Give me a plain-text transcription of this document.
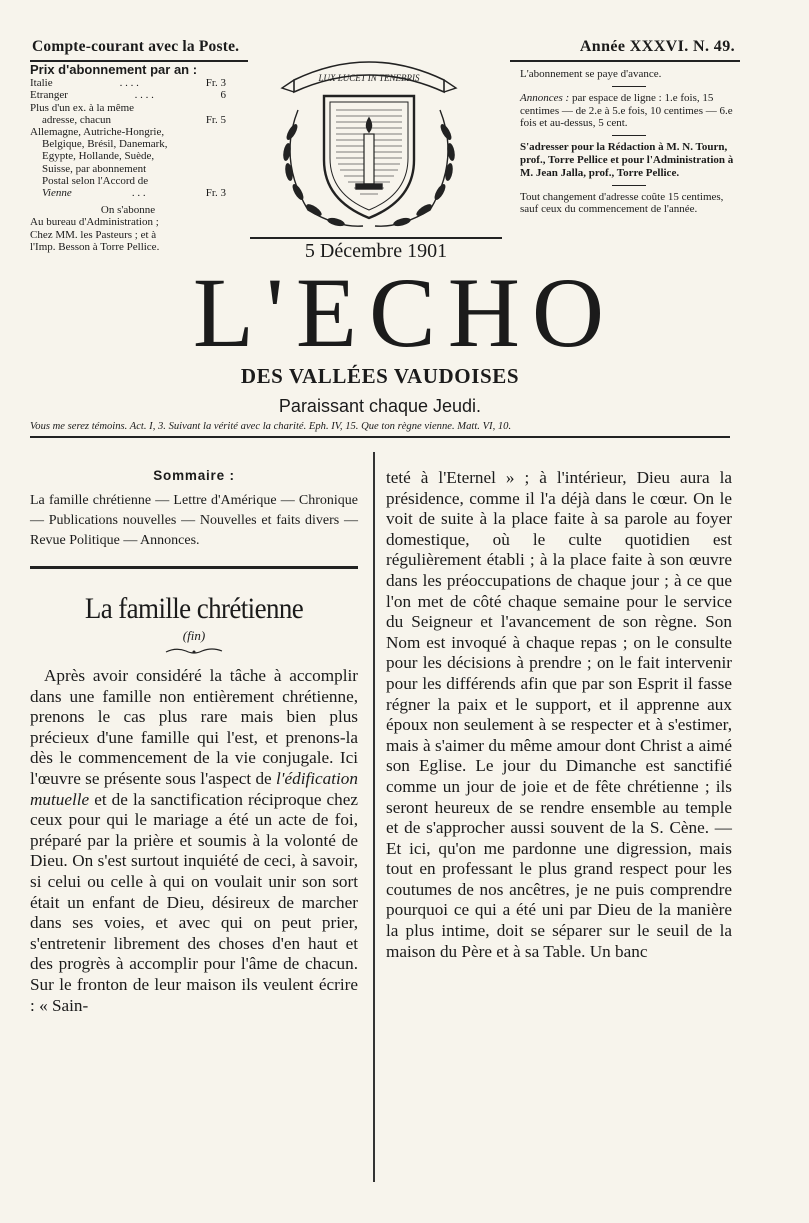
Compte-courant avec la Poste.	Année XXXVI. N. 49.
Prix d'abonnement par an :
Italie	. . . .	Fr. 3
Etranger	. . . .	6
Plus d'un ex. à la même
adresse, chacun	Fr. 5
Allemagne, Autriche-Hongrie,
Belgique, Brésil, Danemark,
Egypte, Hollande, Suède,
Suisse, par abonnement
Postal selon l'Accord de
Vienne	. . .	Fr. 3
On s'abonne
Au bureau d'Administration ;
Chez MM. les Pasteurs ; et à
l'Imp. Besson à Torre Pellice.
LUX LUCET IN TENEBRIS	L'abonnement se paye d'avance.

Annonces : par espace de ligne : 1.e fois, 15 centimes — de 2.e à 5.e fois, 10 centimes — 6.e fois et au-dessus, 5 cent.

S'adresser pour la Rédaction à M. N. Tourn, prof., Torre Pellice et pour l'Administration à M. Jean Jalla, prof., Torre Pellice.

Tout changement d'adresse coûte 15 centimes, sauf ceux du commencement de l'année.

5 Décembre 1901
L'ECHO
DES VALLÉES VAUDOISES
Paraissant chaque Jeudi.
Vous me serez témoins. Act. I, 3. Suivant la vérité avec la charité. Eph. IV, 15. Que ton règne vienne. Matt. VI, 10.
Sommaire :
La famille chrétienne — Lettre d'Amérique — Chronique — Publications nouvelles — Nouvelles et faits divers — Revue Politique — Annonces.
La famille chrétienne
(fin)
Après avoir considéré la tâche à accomplir dans une famille non entièrement chrétienne, prenons le cas plus rare mais bien plus précieux d'une famille qui l'est, et prenons-la dès le commencement de la vie conjugale. Ici l'œuvre se présente sous l'aspect de l'édification mutuelle et de la sanctification réciproque chez ceux pour qui le mariage a été un acte de foi, préparé par la prière et soumis à la volonté de Dieu. On s'est surtout inquiété de ceci, à savoir, si celui ou celle à qui on voulait unir son sort était un enfant de Dieu, désireux de marcher dans ses voies, et avec qui on peut prier, s'entretenir librement des choses d'en haut et des progrès à accomplir pour l'âme de chacun. Sur le fronton de leur maison ils veulent écrire : « Sain-
teté à l'Eternel » ; à l'intérieur, Dieu aura la présidence, comme il l'a déjà dans le cœur. On le voit de suite à la place faite à sa parole au foyer domestique, où le culte quotidien est régulièrement établi ; à la place faite à son œuvre dans les préoccupations de chaque jour ; à ce que l'on met de côté chaque semaine pour le service du Seigneur et l'avancement de son règne. Son Nom est invoqué à chaque repas ; on le consulte pour les décisions à prendre ; on le fait intervenir pour les différends afin que par son Esprit il fasse régner la paix et le support, et il apprenne aux époux non seulement à se respecter et à s'estimer, mais à s'aimer du même amour dont Christ a aimé son Eglise. Le jour du Dimanche est sanctifié comme un jour de joie et de fête chrétienne ; ils seront heureux de se rendre ensemble au temple et de s'approcher aussi souvent de la S. Cène. — Et ici, qu'on me pardonne une digression, mais tout en professant le plus grand respect pour les coutumes de nos ancêtres, je ne puis comprendre pourquoi ce qui a été uni par Dieu de la manière la plus intime, doit se séparer sur le seuil de la maison du Père et à sa Table. Un banc
